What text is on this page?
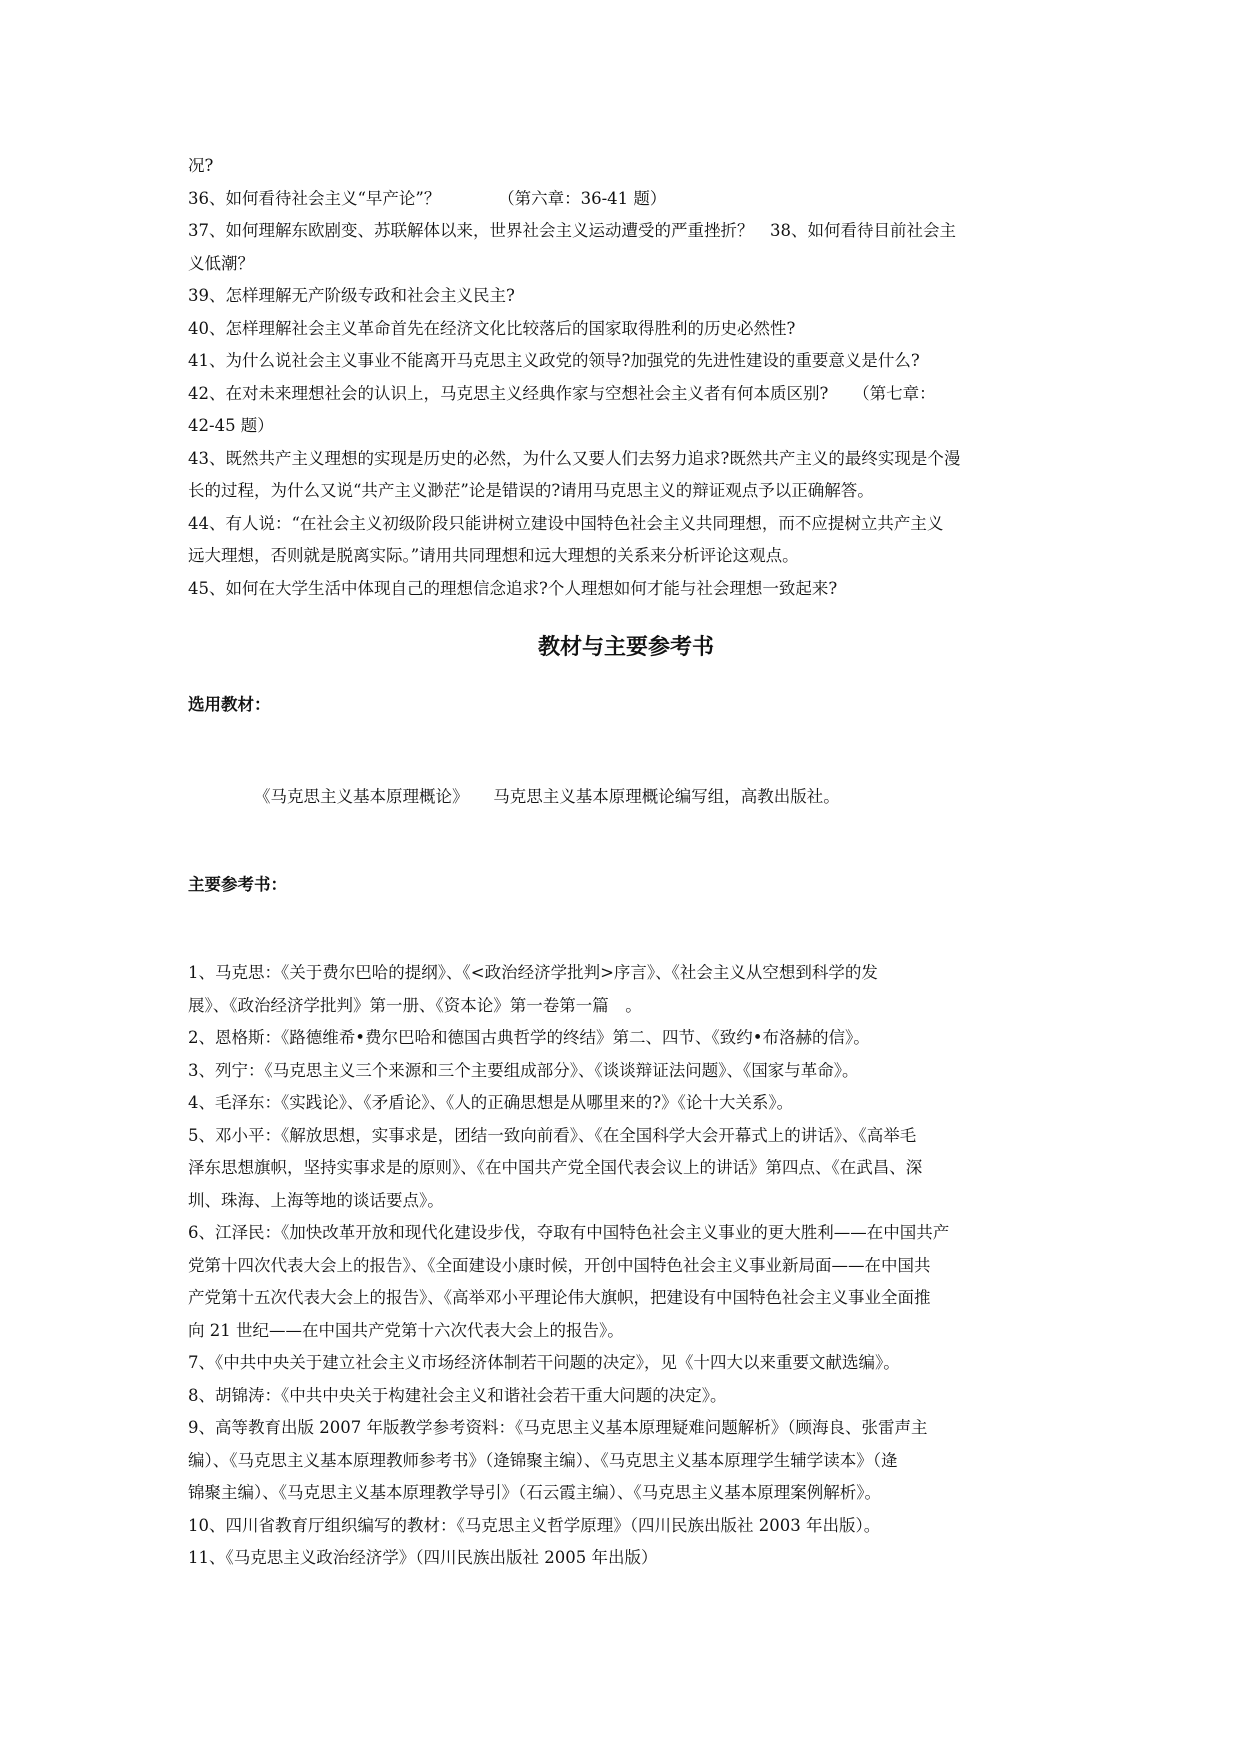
况?

36、如何看待社会主义“早产论”？　　　　（第六章：36-41 题）

37、如何理解东欧剧变、苏联解体以来，世界社会主义运动遭受的严重挫折？　38、如何看待目前社会主

义低潮？

39、怎样理解无产阶级专政和社会主义民主?

40、怎样理解社会主义革命首先在经济文化比较落后的国家取得胜利的历史必然性?

41、为什么说社会主义事业不能离开马克思主义政党的领导?加强党的先进性建设的重要意义是什么?

42、在对未来理想社会的认识上，马克思主义经典作家与空想社会主义者有何本质区别?　　（第七章：

42-45 题）

43、既然共产主义理想的实现是历史的必然，为什么又要人们去努力追求?既然共产主义的最终实现是个漫

长的过程，为什么又说“共产主义渺茫”论是错误的?请用马克思主义的辩证观点予以正确解答。

44、有人说：“在社会主义初级阶段只能讲树立建设中国特色社会主义共同理想，而不应提树立共产主义

远大理想，否则就是脱离实际。”请用共同理想和远大理想的关系来分析评论这观点。

45、如何在大学生活中体现自己的理想信念追求?个人理想如何才能与社会理想一致起来?

教材与主要参考书
选用教材：
《马克思主义基本原理概论》　　马克思主义基本原理概论编写组，高教出版社。
主要参考书：

1、马克思：《关于费尔巴哈的提纲》、《<政治经济学批判>序言》、《社会主义从空想到科学的发

展》、《政治经济学批判》第一册、《资本论》第一卷第一篇　。

2、恩格斯：《路德维希•费尔巴哈和德国古典哲学的终结》第二、四节、《致约•布洛赫的信》。

3、列宁：《马克思主义三个来源和三个主要组成部分》、《谈谈辩证法问题》、《国家与革命》。

4、毛泽东：《实践论》、《矛盾论》、《人的正确思想是从哪里来的?》《论十大关系》。

5、邓小平：《解放思想，实事求是，团结一致向前看》、《在全国科学大会开幕式上的讲话》、《高举毛

泽东思想旗帜，坚持实事求是的原则》、《在中国共产党全国代表会议上的讲话》第四点、《在武昌、深

圳、珠海、上海等地的谈话要点》。

6、江泽民：《加快改革开放和现代化建设步伐，夺取有中国特色社会主义事业的更大胜利——在中国共产

党第十四次代表大会上的报告》、《全面建设小康时候，开创中国特色社会主义事业新局面——在中国共

产党第十五次代表大会上的报告》、《高举邓小平理论伟大旗帜，把建设有中国特色社会主义事业全面推

向 21 世纪——在中国共产党第十六次代表大会上的报告》。

7、《中共中央关于建立社会主义市场经济体制若干问题的决定》，见《十四大以来重要文献选编》。

8、胡锦涛：《中共中央关于构建社会主义和谐社会若干重大问题的决定》。

9、高等教育出版 2007 年版教学参考资料：《马克思主义基本原理疑难问题解析》（顾海良、张雷声主

编）、《马克思主义基本原理教师参考书》（逄锦聚主编）、《马克思主义基本原理学生辅学读本》（逄

锦聚主编）、《马克思主义基本原理教学导引》（石云霞主编）、《马克思主义基本原理案例解析》。

10、四川省教育厅组织编写的教材：《马克思主义哲学原理》（四川民族出版社 2003 年出版）。

11、《马克思主义政治经济学》（四川民族出版社 2005 年出版）
